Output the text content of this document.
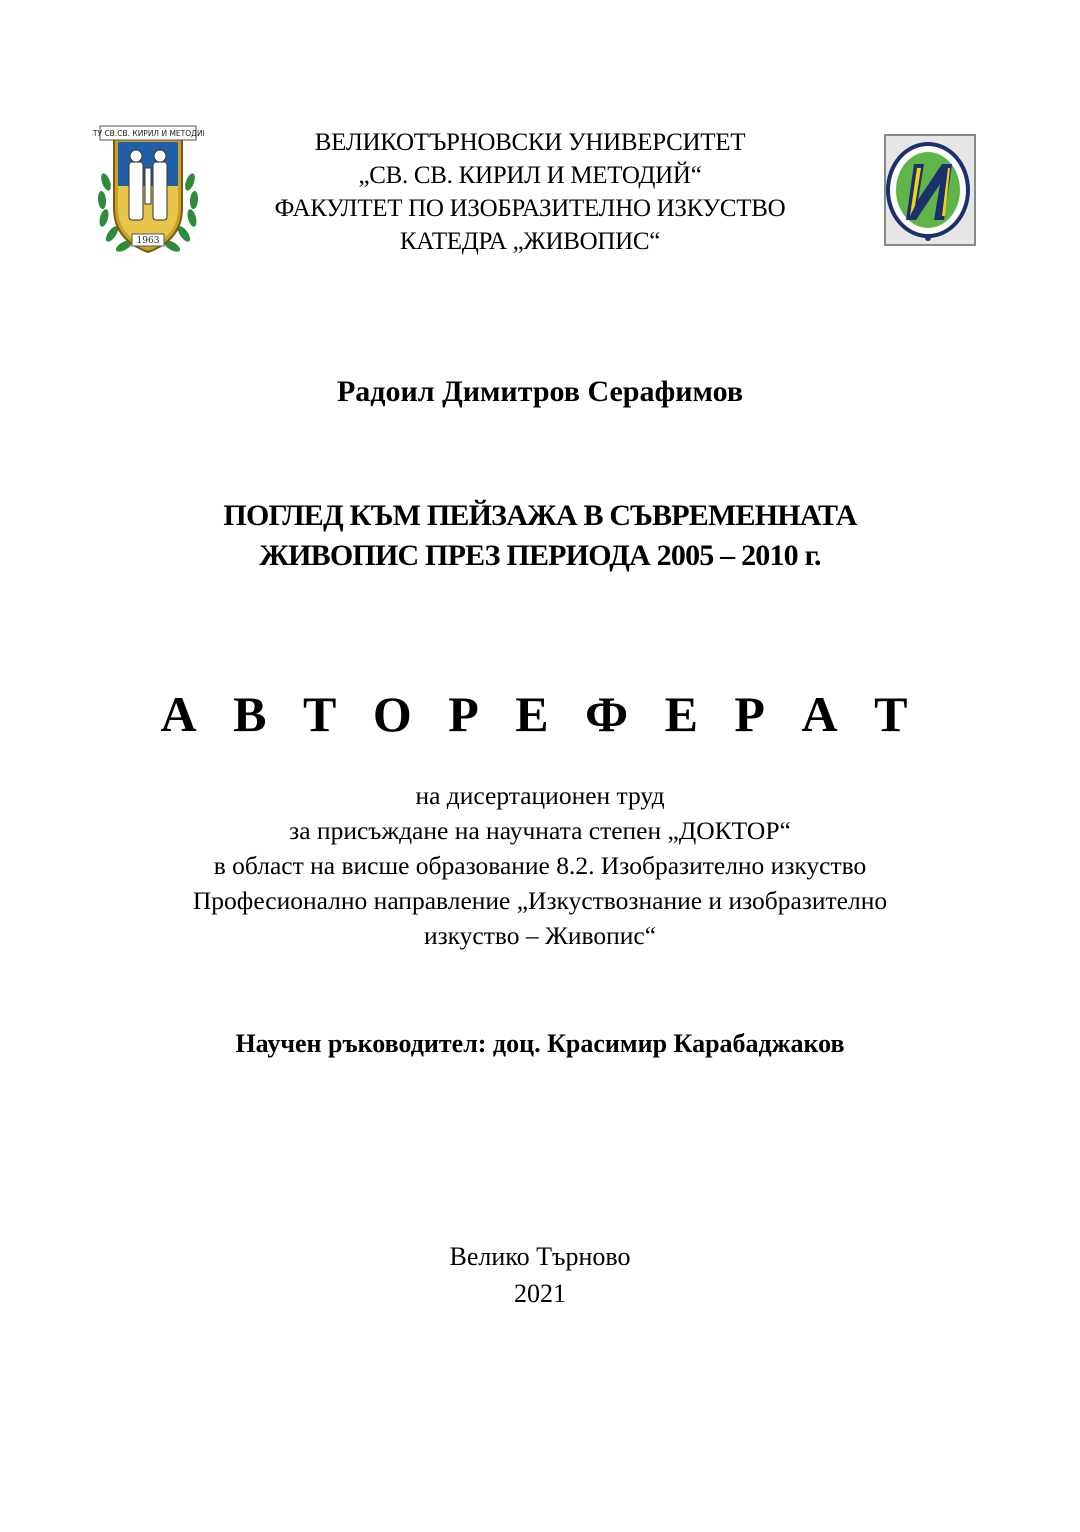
ВТУ СВ.СВ. КИРИЛ И МЕТОДИЙ
1963
ВЕЛИКОТЪРНОВСКИ УНИВЕРСИТЕТ
„СВ. СВ. КИРИЛ И МЕТОДИЙ“
ФАКУЛТЕТ ПО ИЗОБРАЗИТЕЛНО ИЗКУСТВО
КАТЕДРА „ЖИВОПИС“
Радоил Димитров Серафимов
ПОГЛЕД КЪМ ПЕЙЗАЖА В СЪВРЕМЕННАТА
ЖИВОПИС ПРЕЗ ПЕРИОДА 2005 – 2010 г.
А В Т О Р Е Ф Е Р А Т
на дисертационен труд
за присъждане на научната степен „ДОКТОР“
в област на висше образование 8.2. Изобразително изкуство
Професионално направление „Изкуствознание и изобразително
изкуство – Живопис“
Научен ръководител: доц. Красимир Карабаджаков
Велико Търново
2021
